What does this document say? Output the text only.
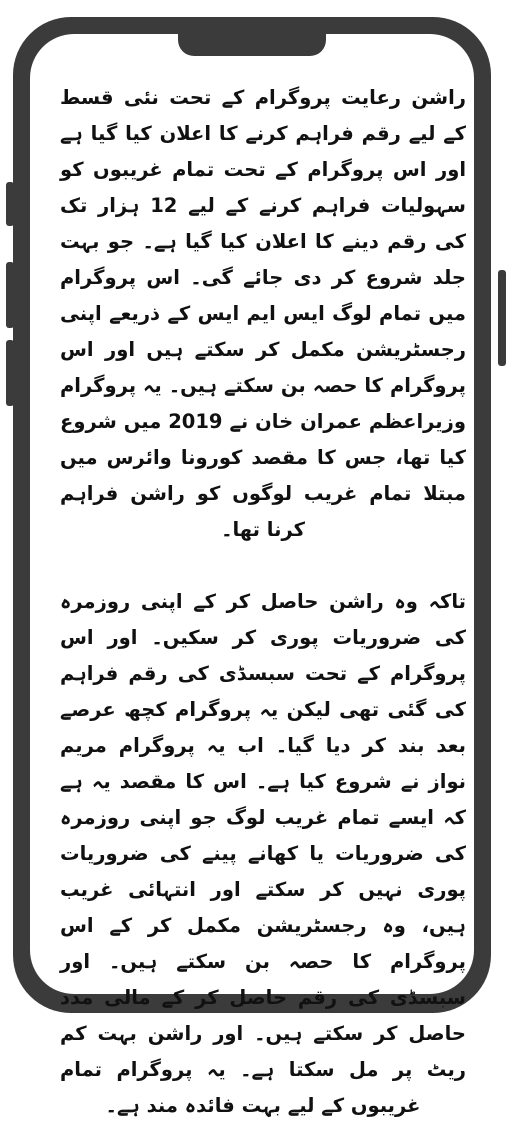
راشن رعایت پروگرام کے تحت نئی قسط کے لیے رقم فراہم کرنے کا اعلان کیا گیا ہے اور اس پروگرام کے تحت تمام غریبوں کو سہولیات فراہم کرنے کے لیے 12 ہزار تک کی رقم دینے کا اعلان کیا گیا ہے۔ جو بہت جلد شروع کر دی جائے گی۔ اس پروگرام میں تمام لوگ ایس ایم ایس کے ذریعے اپنی رجسٹریشن مکمل کر سکتے ہیں اور اس پروگرام کا حصہ بن سکتے ہیں۔ یہ پروگرام وزیراعظم عمران خان نے 2019 میں شروع کیا تھا، جس کا مقصد کورونا وائرس میں مبتلا تمام غریب لوگوں کو راشن فراہم کرنا تھا۔

تاکہ وہ راشن حاصل کر کے اپنی روزمرہ کی ضروریات پوری کر سکیں۔ اور اس پروگرام کے تحت سبسڈی کی رقم فراہم کی گئی تھی لیکن یہ پروگرام کچھ عرصے بعد بند کر دیا گیا۔ اب یہ پروگرام مریم نواز نے شروع کیا ہے۔ اس کا مقصد یہ ہے کہ ایسے تمام غریب لوگ جو اپنی روزمرہ کی ضروریات یا کھانے پینے کی ضروریات پوری نہیں کر سکتے اور انتہائی غریب ہیں، وہ رجسٹریشن مکمل کر کے اس پروگرام کا حصہ بن سکتے ہیں۔ اور سبسڈی کی رقم حاصل کر کے مالی مدد حاصل کر سکتے ہیں۔ اور راشن بہت کم ریٹ پر مل سکتا ہے۔ یہ پروگرام تمام غریبوں کے لیے بہت فائدہ مند ہے۔
